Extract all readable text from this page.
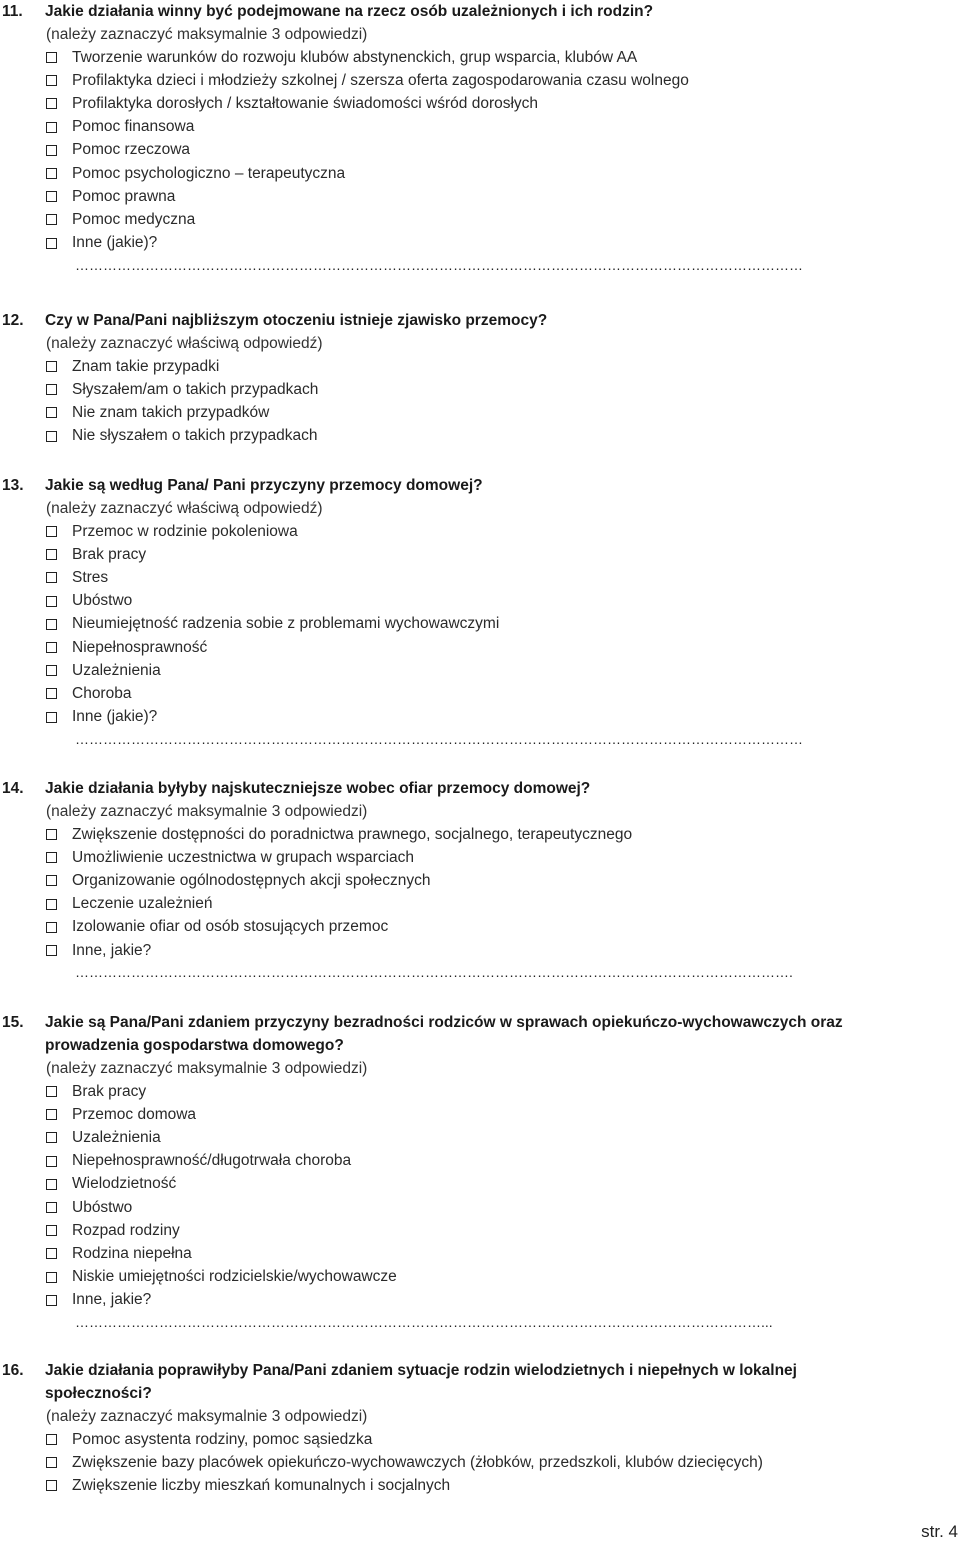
11.	Jakie działania winny być podejmowane na rzecz osób uzależnionych i ich rodzin?
(należy zaznaczyć maksymalnie 3 odpowiedzi)
Tworzenie warunków do rozwoju klubów abstynenckich, grup wsparcia, klubów AA
Profilaktyka dzieci i młodzieży szkolnej / szersza oferta zagospodarowania czasu wolnego
Profilaktyka dorosłych / kształtowanie świadomości wśród dorosłych
Pomoc finansowa
Pomoc rzeczowa
Pomoc psychologiczno – terapeutyczna
Pomoc prawna
Pomoc medyczna
Inne (jakie)?
…………………………………………………………………………………………………………………………………………
12.	Czy w Pana/Pani najbliższym otoczeniu istnieje zjawisko przemocy?
(należy zaznaczyć właściwą odpowiedź)
Znam takie przypadki
Słyszałem/am o takich przypadkach
Nie znam takich przypadków
Nie słyszałem o takich przypadkach
13.	Jakie są według Pana/ Pani przyczyny przemocy domowej?
(należy zaznaczyć właściwą odpowiedź)
Przemoc w rodzinie pokoleniowa
Brak pracy
Stres
Ubóstwo
Nieumiejętność radzenia sobie z problemami wychowawczymi
Niepełnosprawność
Uzależnienia
Choroba
Inne (jakie)?
…………………………………………………………………………………………………………………………………………
14.	Jakie działania byłyby najskuteczniejsze wobec ofiar przemocy domowej?
(należy zaznaczyć maksymalnie 3 odpowiedzi)
Zwiększenie dostępności do poradnictwa prawnego, socjalnego, terapeutycznego
Umożliwienie uczestnictwa w grupach wsparciach
Organizowanie ogólnodostępnych akcji społecznych
Leczenie uzależnień
Izolowanie ofiar od osób stosujących przemoc
Inne, jakie?
……………………………………………………………………………………………………………………………………….
15.	Jakie są Pana/Pani zdaniem przyczyny bezradności rodziców w sprawach opiekuńczo-wychowawczych oraz prowadzenia gospodarstwa domowego?
(należy zaznaczyć maksymalnie 3 odpowiedzi)
Brak pracy
Przemoc domowa
Uzależnienia
Niepełnosprawność/długotrwała choroba
Wielodzietność
Ubóstwo
Rozpad rodziny
Rodzina niepełna
Niskie umiejętności rodzicielskie/wychowawcze
Inne, jakie?
…………………………………………………………………………………………………………………………………...
16.	Jakie działania poprawiłyby Pana/Pani zdaniem sytuacje rodzin wielodzietnych i niepełnych w lokalnej społeczności?
(należy zaznaczyć maksymalnie 3 odpowiedzi)
Pomoc asystenta rodziny, pomoc sąsiedzka
Zwiększenie bazy placówek opiekuńczo-wychowawczych (żłobków, przedszkoli, klubów dziecięcych)
Zwiększenie liczby mieszkań komunalnych i socjalnych
str. 4
